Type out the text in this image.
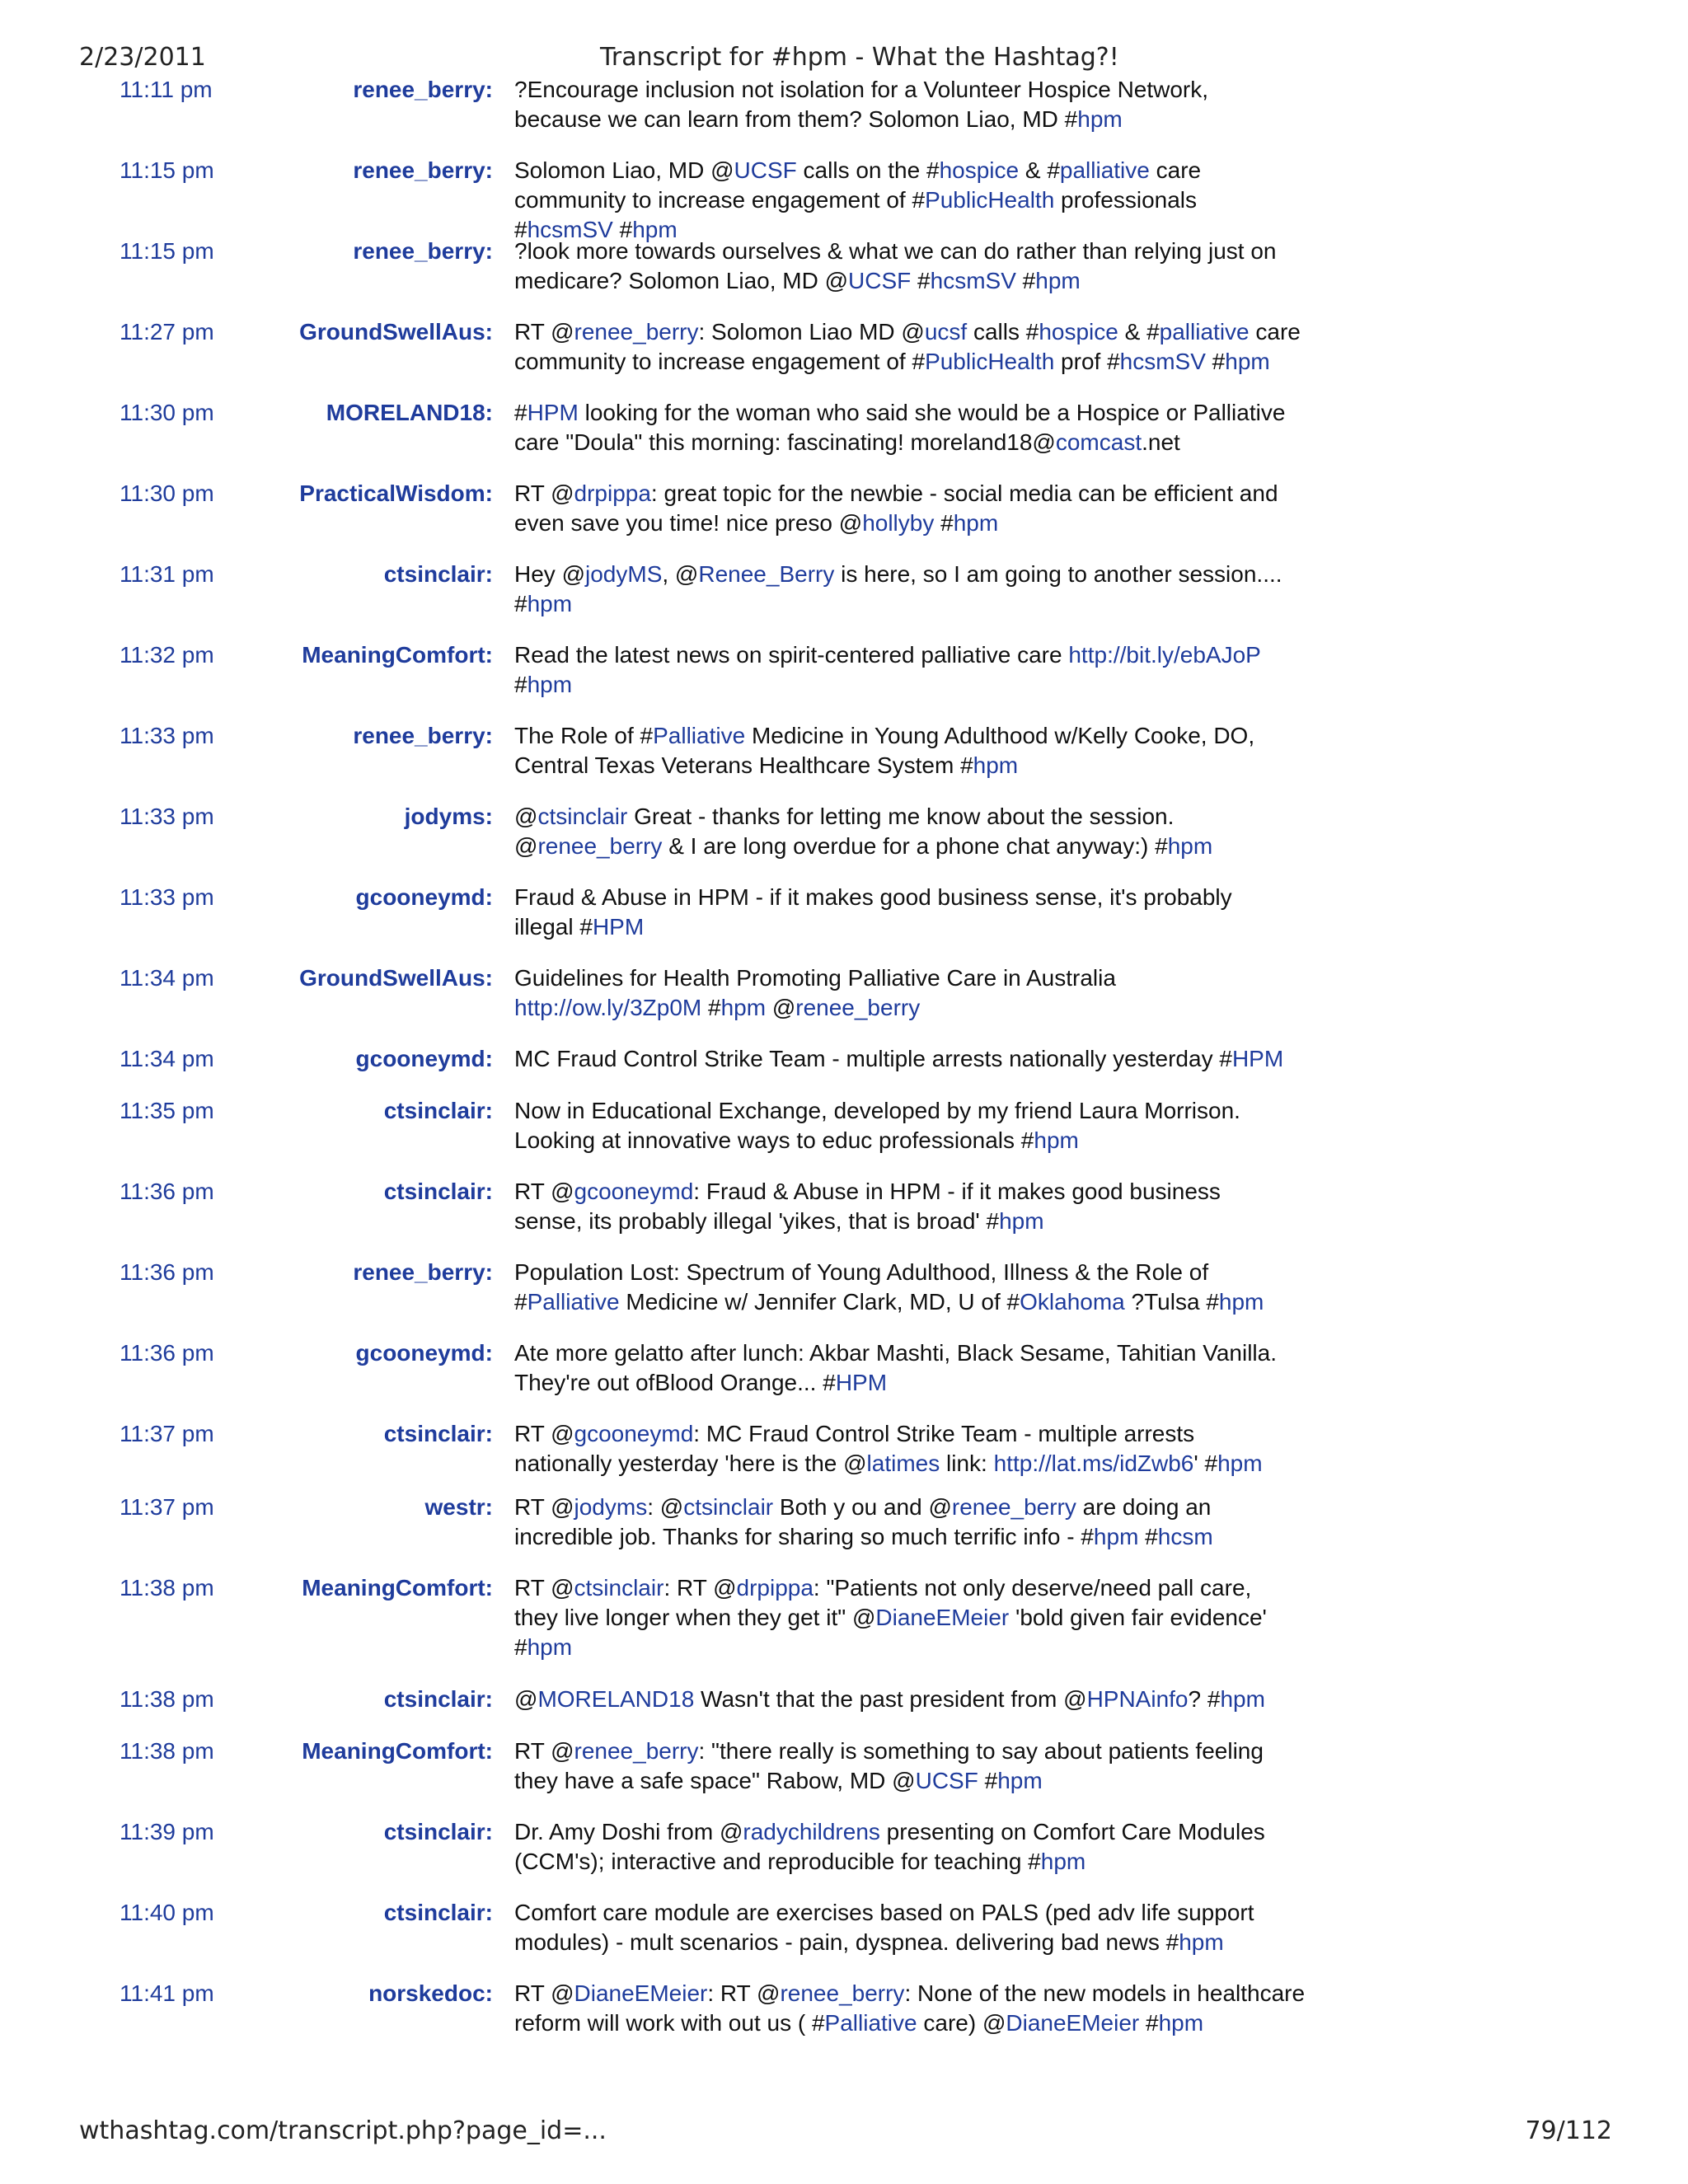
2/23/2011	Transcript for #hpm - What the Hashtag?!
11:11 pm	renee_berry: ?Encourage inclusion not isolation for a Volunteer Hospice Network,
because we can learn from them? Solomon Liao, MD #hpm
11:15 pm	renee_berry: Solomon Liao, MD @UCSF calls on the #hospice & #palliative care
community to increase engagement of #PublicHealth professionals
#hcsmSV #hpm
11:15 pm	renee_berry: ?look more towards ourselves & what we can do rather than relying just on
medicare? Solomon Liao, MD @UCSF #hcsmSV #hpm
11:27 pm	GroundSwellAus: RT @renee_berry: Solomon Liao MD @ucsf calls #hospice & #palliative care
community to increase engagement of #PublicHealth prof #hcsmSV #hpm
11:30 pm	MORELAND18: #HPM looking for the woman who said she would be a Hospice or Palliative
care "Doula" this morning: fascinating! moreland18@comcast.net
11:30 pm	PracticalWisdom: RT @drpippa: great topic for the newbie - social media can be efficient and
even save you time! nice preso @hollyby #hpm
11:31 pm	ctsinclair: Hey @jodyMS, @Renee_Berry is here, so I am going to another session....
#hpm
11:32 pm	MeaningComfort: Read the latest news on spirit-centered palliative care http://bit.ly/ebAJoP
#hpm
11:33 pm	renee_berry: The Role of #Palliative Medicine in Young Adulthood w/Kelly Cooke, DO,
Central Texas Veterans Healthcare System #hpm
11:33 pm	jodyms: @ctsinclair Great - thanks for letting me know about the session.
@renee_berry & I are long overdue for a phone chat anyway:) #hpm
11:33 pm	gcooneymd: Fraud & Abuse in HPM - if it makes good business sense, it's probably
illegal #HPM
11:34 pm	GroundSwellAus: Guidelines for Health Promoting Palliative Care in Australia
http://ow.ly/3Zp0M #hpm @renee_berry
11:34 pm	gcooneymd: MC Fraud Control Strike Team - multiple arrests nationally yesterday #HPM
11:35 pm	ctsinclair: Now in Educational Exchange, developed by my friend Laura Morrison.
Looking at innovative ways to educ professionals #hpm
11:36 pm	ctsinclair: RT @gcooneymd: Fraud & Abuse in HPM - if it makes good business
sense, its probably illegal 'yikes, that is broad' #hpm
11:36 pm	renee_berry: Population Lost: Spectrum of Young Adulthood, Illness & the Role of
#Palliative Medicine w/ Jennifer Clark, MD, U of #Oklahoma ?Tulsa #hpm
11:36 pm	gcooneymd: Ate more gelatto after lunch: Akbar Mashti, Black Sesame, Tahitian Vanilla.
They're out ofBlood Orange... #HPM
11:37 pm	ctsinclair: RT @gcooneymd: MC Fraud Control Strike Team - multiple arrests
nationally yesterday 'here is the @latimes link: http://lat.ms/idZwb6' #hpm
11:37 pm	westr: RT @jodyms: @ctsinclair Both y ou and @renee_berry are doing an
incredible job. Thanks for sharing so much terrific info - #hpm #hcsm
11:38 pm	MeaningComfort: RT @ctsinclair: RT @drpippa: "Patients not only deserve/need pall care,
they live longer when they get it" @DianeEMeier 'bold given fair evidence'
#hpm
11:38 pm	ctsinclair: @MORELAND18 Wasn't that the past president from @HPNAinfo? #hpm
11:38 pm	MeaningComfort: RT @renee_berry: "there really is something to say about patients feeling
they have a safe space" Rabow, MD @UCSF #hpm
11:39 pm	ctsinclair: Dr. Amy Doshi from @radychildrens presenting on Comfort Care Modules
(CCM's); interactive and reproducible for teaching #hpm
11:40 pm	ctsinclair: Comfort care module are exercises based on PALS (ped adv life support
modules) - mult scenarios - pain, dyspnea. delivering bad news #hpm
11:41 pm	norskedoc: RT @DianeEMeier: RT @renee_berry: None of the new models in healthcare
reform will work with out us ( #Palliative care) @DianeEMeier #hpm
wthashtag.com/transcript.php?page_id=...	79/112
